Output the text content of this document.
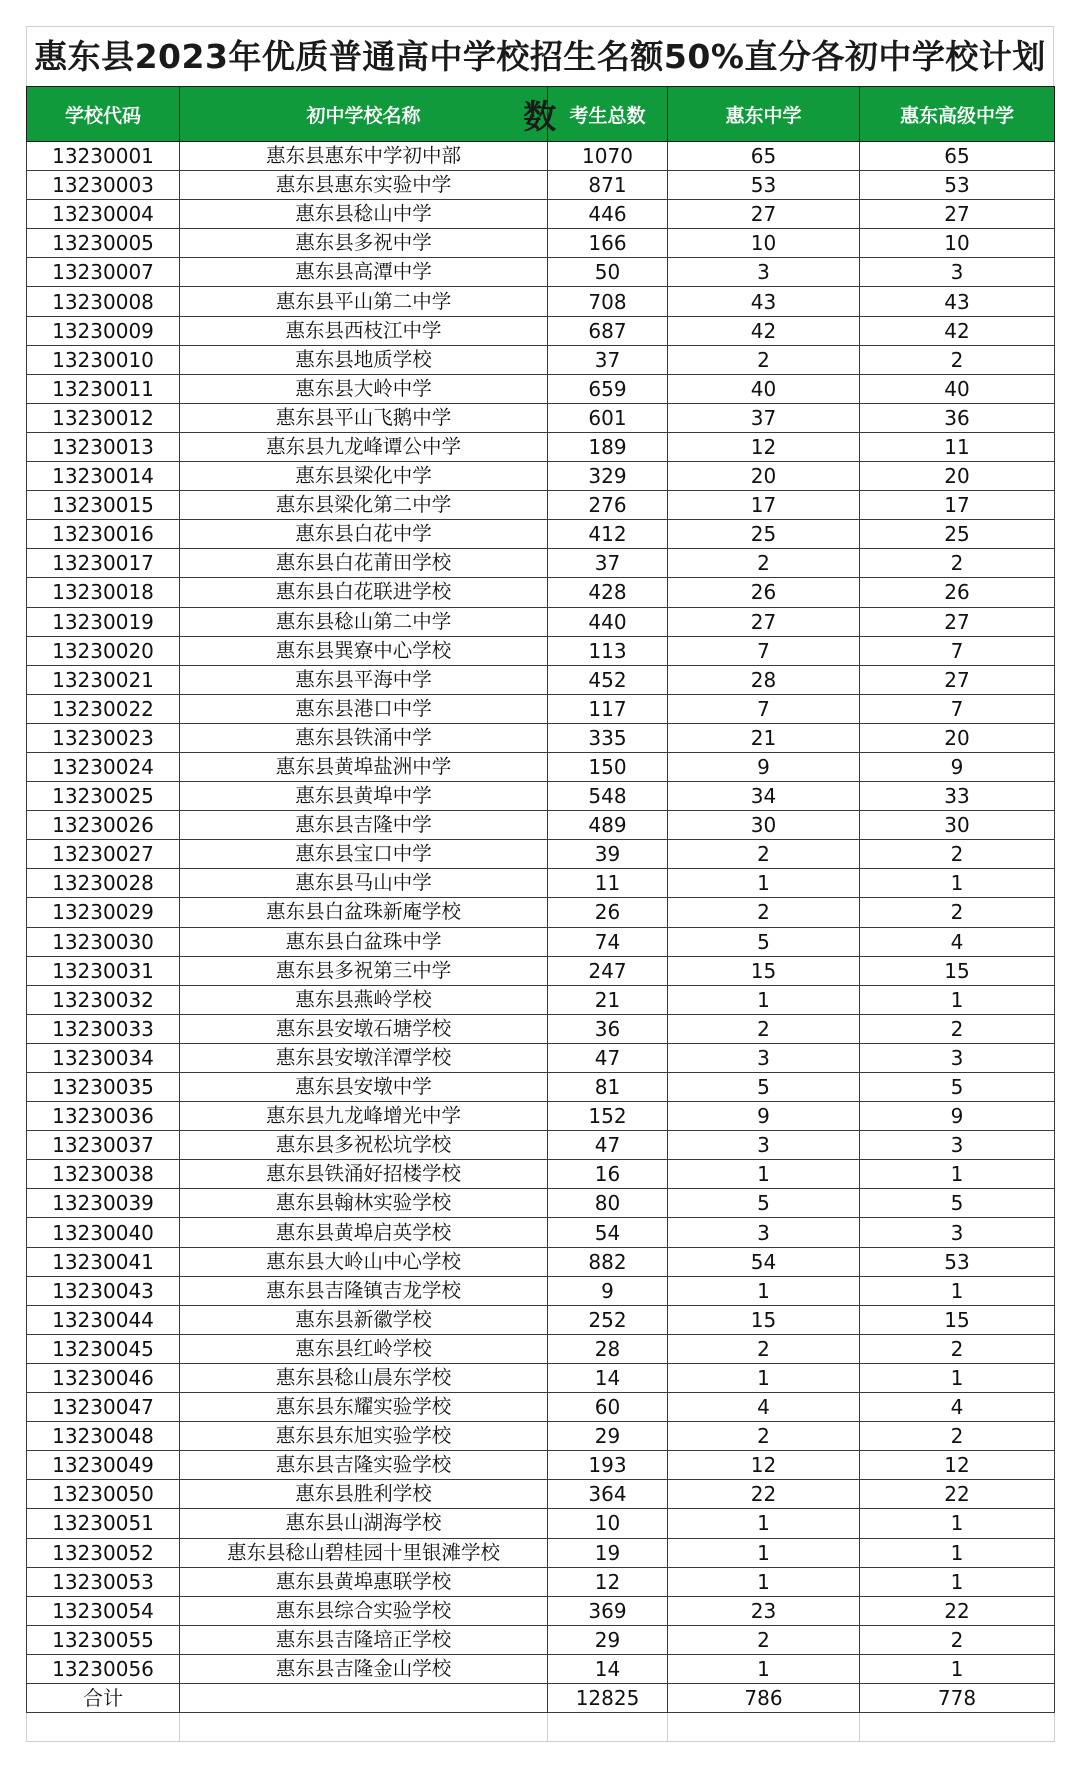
惠东县2023年优质普通高中学校招生名额50%直分各初中学校计划数
学校代码	初中学校名称	考生总数	惠东中学	惠东高级中学
13230001	惠东县惠东中学初中部	1070	65	65
13230003	惠东县惠东实验中学	871	53	53
13230004	惠东县稔山中学	446	27	27
13230005	惠东县多祝中学	166	10	10
13230007	惠东县高潭中学	50	3	3
13230008	惠东县平山第二中学	708	43	43
13230009	惠东县西枝江中学	687	42	42
13230010	惠东县地质学校	37	2	2
13230011	惠东县大岭中学	659	40	40
13230012	惠东县平山飞鹅中学	601	37	36
13230013	惠东县九龙峰谭公中学	189	12	11
13230014	惠东县梁化中学	329	20	20
13230015	惠东县梁化第二中学	276	17	17
13230016	惠东县白花中学	412	25	25
13230017	惠东县白花莆田学校	37	2	2
13230018	惠东县白花联进学校	428	26	26
13230019	惠东县稔山第二中学	440	27	27
13230020	惠东县巽寮中心学校	113	7	7
13230021	惠东县平海中学	452	28	27
13230022	惠东县港口中学	117	7	7
13230023	惠东县铁涌中学	335	21	20
13230024	惠东县黄埠盐洲中学	150	9	9
13230025	惠东县黄埠中学	548	34	33
13230026	惠东县吉隆中学	489	30	30
13230027	惠东县宝口中学	39	2	2
13230028	惠东县马山中学	11	1	1
13230029	惠东县白盆珠新庵学校	26	2	2
13230030	惠东县白盆珠中学	74	5	4
13230031	惠东县多祝第三中学	247	15	15
13230032	惠东县燕岭学校	21	1	1
13230033	惠东县安墩石塘学校	36	2	2
13230034	惠东县安墩洋潭学校	47	3	3
13230035	惠东县安墩中学	81	5	5
13230036	惠东县九龙峰增光中学	152	9	9
13230037	惠东县多祝松坑学校	47	3	3
13230038	惠东县铁涌好招楼学校	16	1	1
13230039	惠东县翰林实验学校	80	5	5
13230040	惠东县黄埠启英学校	54	3	3
13230041	惠东县大岭山中心学校	882	54	53
13230043	惠东县吉隆镇吉龙学校	9	1	1
13230044	惠东县新徽学校	252	15	15
13230045	惠东县红岭学校	28	2	2
13230046	惠东县稔山晨东学校	14	1	1
13230047	惠东县东耀实验学校	60	4	4
13230048	惠东县东旭实验学校	29	2	2
13230049	惠东县吉隆实验学校	193	12	12
13230050	惠东县胜利学校	364	22	22
13230051	惠东县山湖海学校	10	1	1
13230052	惠东县稔山碧桂园十里银滩学校	19	1	1
13230053	惠东县黄埠惠联学校	12	1	1
13230054	惠东县综合实验学校	369	23	22
13230055	惠东县吉隆培正学校	29	2	2
13230056	惠东县吉隆金山学校	14	1	1
合计		12825	786	778
